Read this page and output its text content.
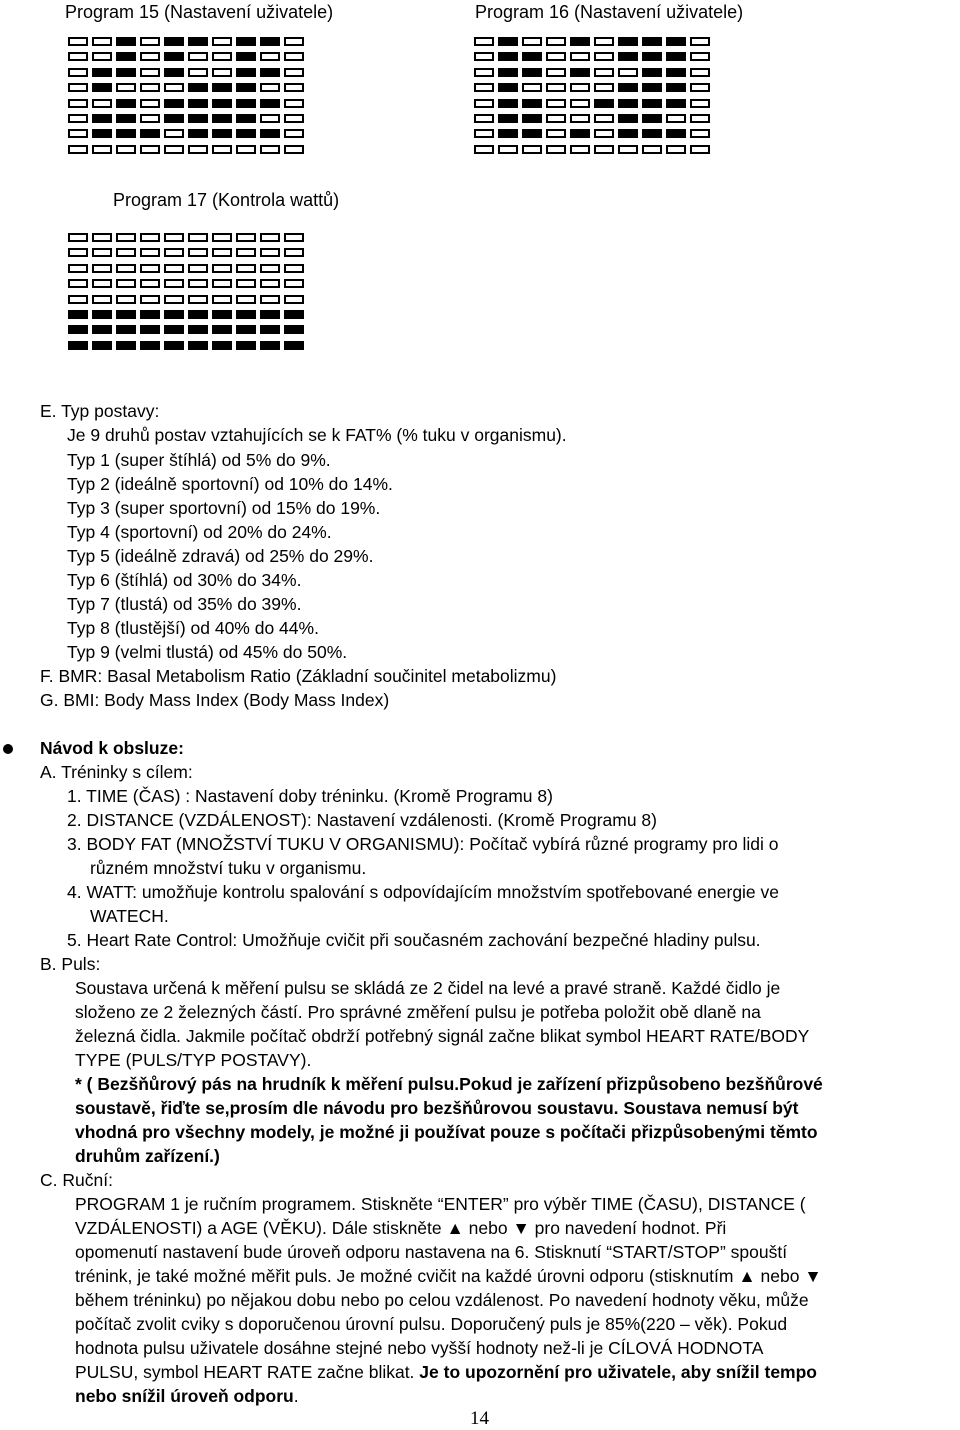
Program 15 (Nastavení uživatele)	Program 16 (Nastavení uživatele)
Program 17 (Kontrola wattů)
E. Typ postavy:
Je 9 druhů postav vztahujících se k FAT% (% tuku v organismu).
Typ 1 (super štíhlá) od 5% do 9%.
Typ 2 (ideálně sportovní) od 10% do 14%.
Typ 3 (super sportovní) od 15% do 19%.
Typ 4 (sportovní) od 20% do 24%.
Typ 5 (ideálně zdravá) od 25% do 29%.
Typ 6 (štíhlá) od 30% do 34%.
Typ 7 (tlustá) od 35% do 39%.
Typ 8 (tlustější) od 40% do 44%.
Typ 9 (velmi tlustá) od 45% do 50%.
F. BMR: Basal Metabolism Ratio (Základní součinitel metabolizmu)
G. BMI: Body Mass Index (Body Mass Index)
Návod k obsluze:
A. Tréninky s cílem:
1. TIME (ČAS) : Nastavení doby tréninku. (Kromě Programu 8)
2. DISTANCE (VZDÁLENOST): Nastavení vzdálenosti. (Kromě Programu 8)
3. BODY FAT (MNOŽSTVÍ TUKU V ORGANISMU): Počítač vybírá různé programy pro lidi o
různém množství tuku v organismu.
4. WATT: umožňuje kontrolu spalování s odpovídajícím množstvím spotřebované energie ve
WATECH.
5. Heart Rate Control: Umožňuje cvičit při současném zachování bezpečné hladiny pulsu.
B. Puls:
Soustava určená k měření pulsu se skládá ze 2 čidel na levé a pravé straně. Každé čidlo je
složeno ze 2 železných částí. Pro správné změření pulsu je potřeba položit obě dlaně na
železná čidla. Jakmile počítač obdrží potřebný signál začne blikat symbol HEART RATE/BODY
TYPE (PULS/TYP POSTAVY).
* ( Bezšňůrový pás na hrudník k měření pulsu.Pokud je zařízení přizpůsobeno bezšňůrové
soustavě, řiďte se,prosím dle návodu pro bezšňůrovou soustavu. Soustava nemusí být
vhodná pro všechny modely, je možné ji používat pouze s počítači přizpůsobenými těmto
druhům zařízení.)
C. Ruční:
PROGRAM 1 je ručním programem. Stiskněte “ENTER” pro výběr TIME (ČASU), DISTANCE (
VZDÁLENOSTI) a AGE (VĚKU). Dále stiskněte ▲ nebo ▼ pro navedení hodnot. Při
opomenutí nastavení bude úroveň odporu nastavena na 6. Stisknutí “START/STOP” spouští
trénink, je také možné měřit puls. Je možné cvičit na každé úrovni odporu (stisknutím ▲ nebo ▼
během tréninku) po nějakou dobu nebo po celou vzdálenost. Po navedení hodnoty věku, může
počítač zvolit cviky s doporučenou úrovní pulsu. Doporučený puls je 85%(220 – věk). Pokud
hodnota pulsu uživatele dosáhne stejné nebo vyšší hodnoty než-li je CÍLOVÁ HODNOTA
PULSU, symbol HEART RATE začne blikat. Je to upozornění pro uživatele, aby snížil tempo
nebo snížil úroveň odporu.
14
